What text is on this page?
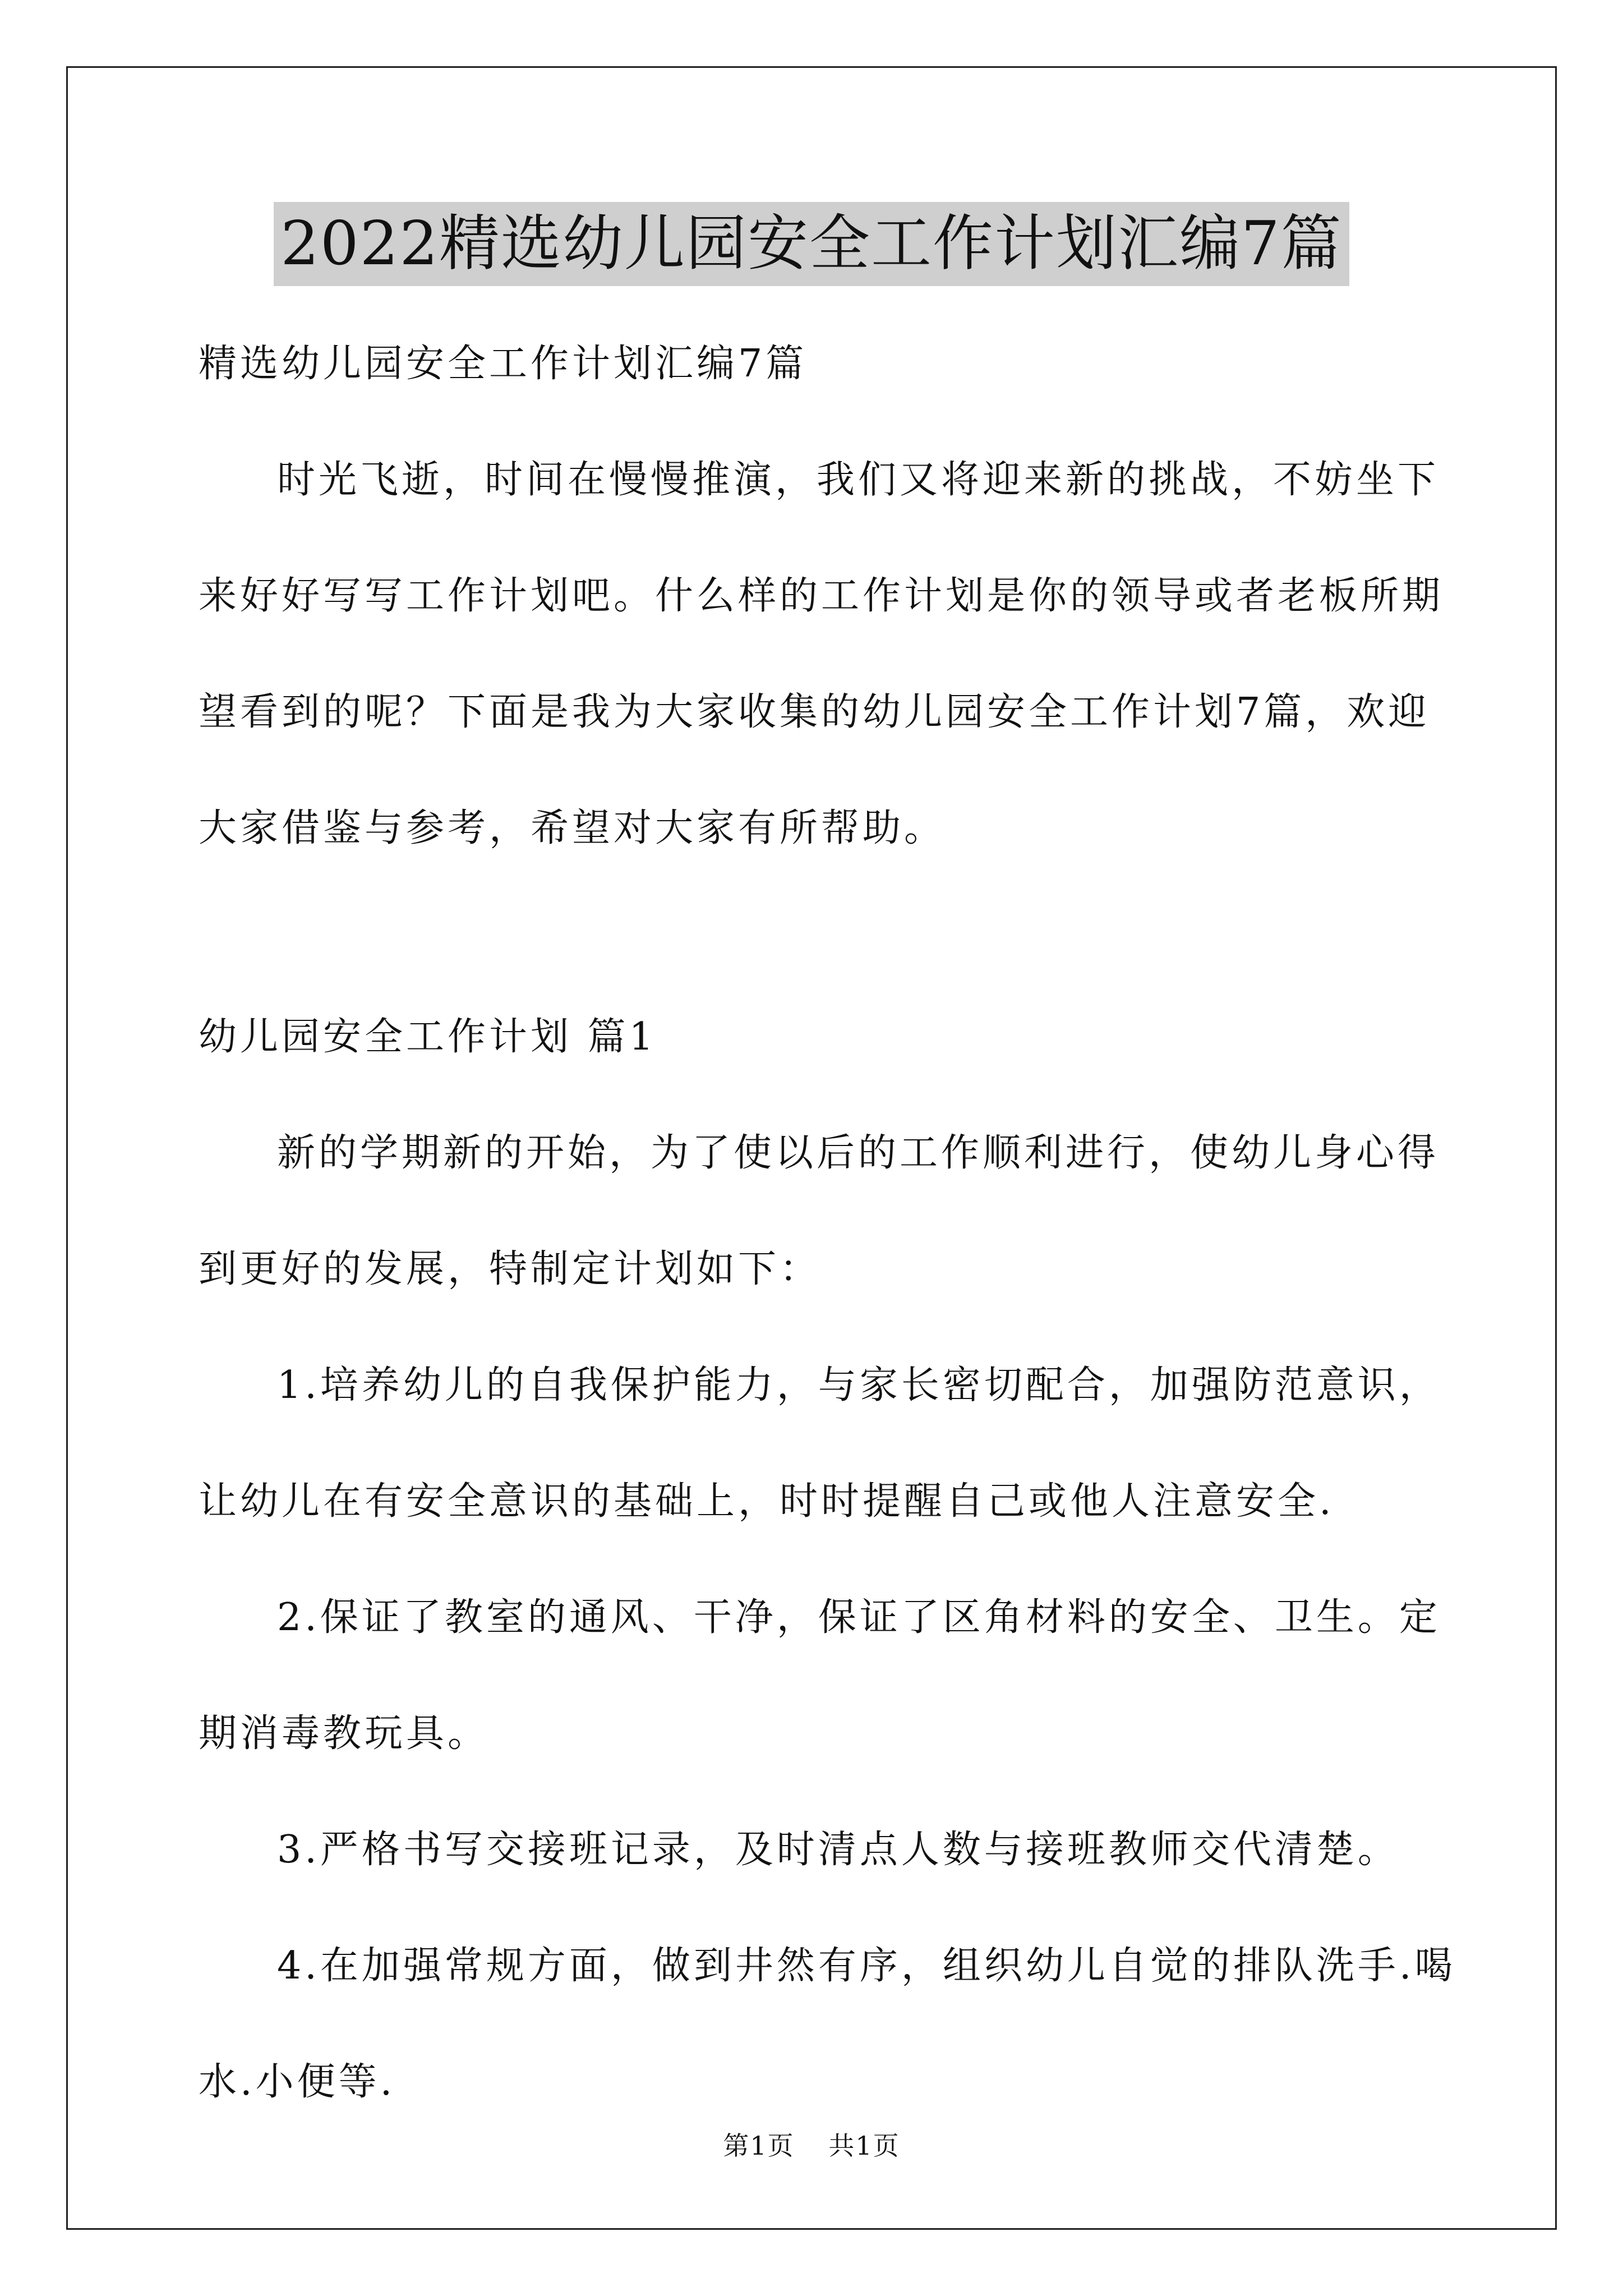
2022精选幼儿园安全工作计划汇编7篇
精选幼儿园安全工作计划汇编7篇
时光飞逝，时间在慢慢推演，我们又将迎来新的挑战，不妨坐下
来好好写写工作计划吧。什么样的工作计划是你的领导或者老板所期
望看到的呢？下面是我为大家收集的幼儿园安全工作计划7篇，欢迎
大家借鉴与参考，希望对大家有所帮助。
幼儿园安全工作计划 篇1
新的学期新的开始，为了使以后的工作顺利进行，使幼儿身心得
到更好的发展，特制定计划如下：
1.培养幼儿的自我保护能力，与家长密切配合，加强防范意识，
让幼儿在有安全意识的基础上，时时提醒自己或他人注意安全.
2.保证了教室的通风、干净，保证了区角材料的安全、卫生。定
期消毒教玩具。
3.严格书写交接班记录，及时清点人数与接班教师交代清楚。
4.在加强常规方面，做到井然有序，组织幼儿自觉的排队洗手.喝
水.小便等.
第1页 共1页
